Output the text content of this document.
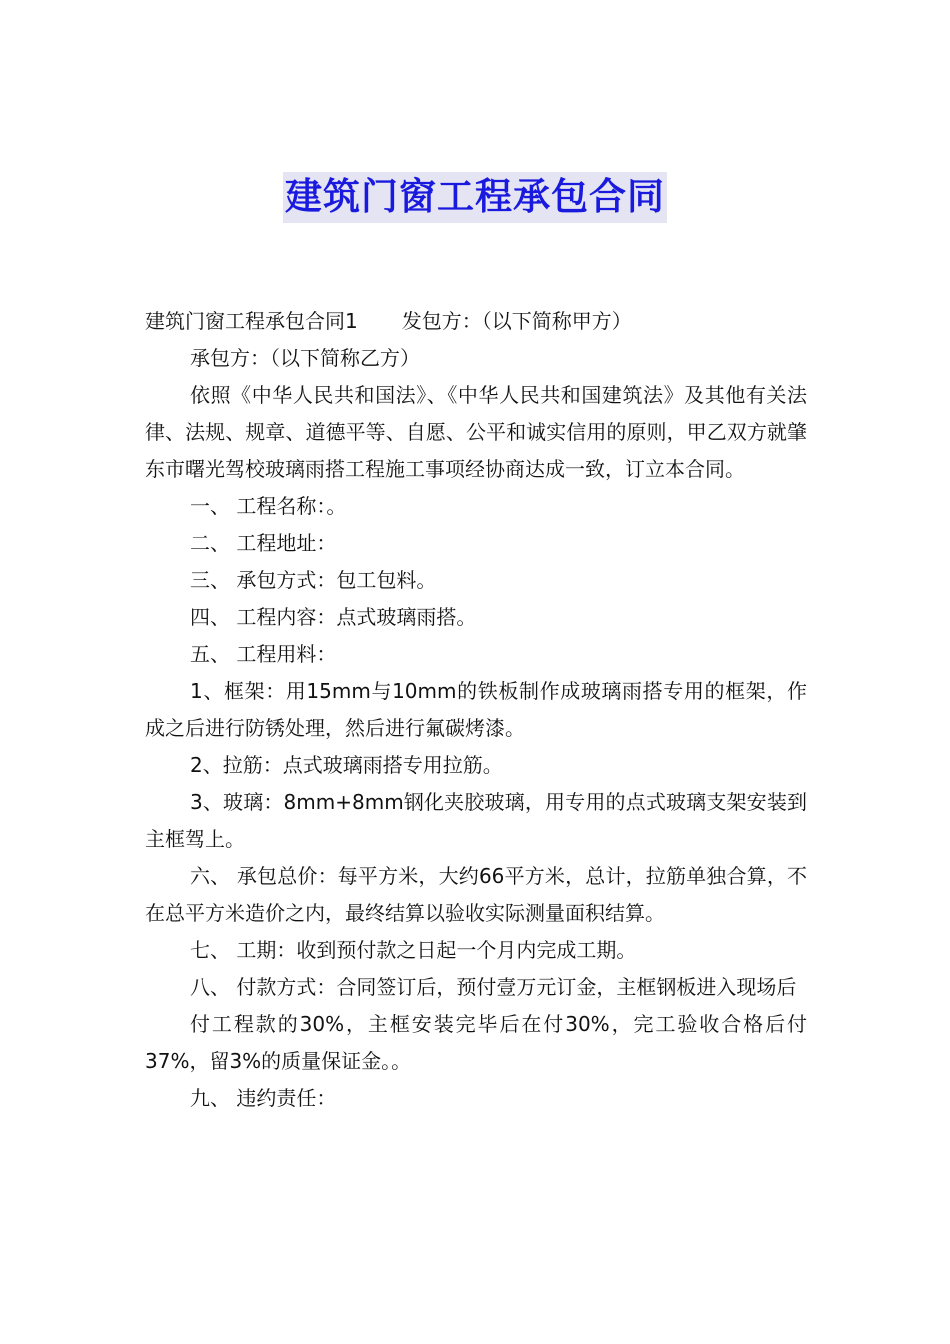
建筑门窗工程承包合同

建筑门窗工程承包合同1 发包方：（以下简称甲方）

承包方：（以下简称乙方）

依照《中华人民共和国法》、《中华人民共和国建筑法》及其他有关法律、法规、规章、道德平等、自愿、公平和诚实信用的原则，甲乙双方就肇东市曙光驾校玻璃雨搭工程施工事项经协商达成一致，订立本合同。

一、 工程名称：。

二、 工程地址：

三、 承包方式：包工包料。

四、 工程内容：点式玻璃雨搭。

五、 工程用料：

1、框架：用15mm与10mm的铁板制作成玻璃雨搭专用的框架，作成之后进行防锈处理，然后进行氟碳烤漆。

2、拉筋：点式玻璃雨搭专用拉筋。

3、玻璃：8mm+8mm钢化夹胶玻璃，用专用的点式玻璃支架安装到主框驾上。

六、 承包总价：每平方米，大约66平方米，总计，拉筋单独合算，不在总平方米造价之内，最终结算以验收实际测量面积结算。

七、 工期：收到预付款之日起一个月内完成工期。

八、 付款方式：合同签订后，预付壹万元订金，主框钢板进入现场后

付工程款的30%，主框安装完毕后在付30%，完工验收合格后付37%，留3%的质量保证金。。

九、 违约责任：
